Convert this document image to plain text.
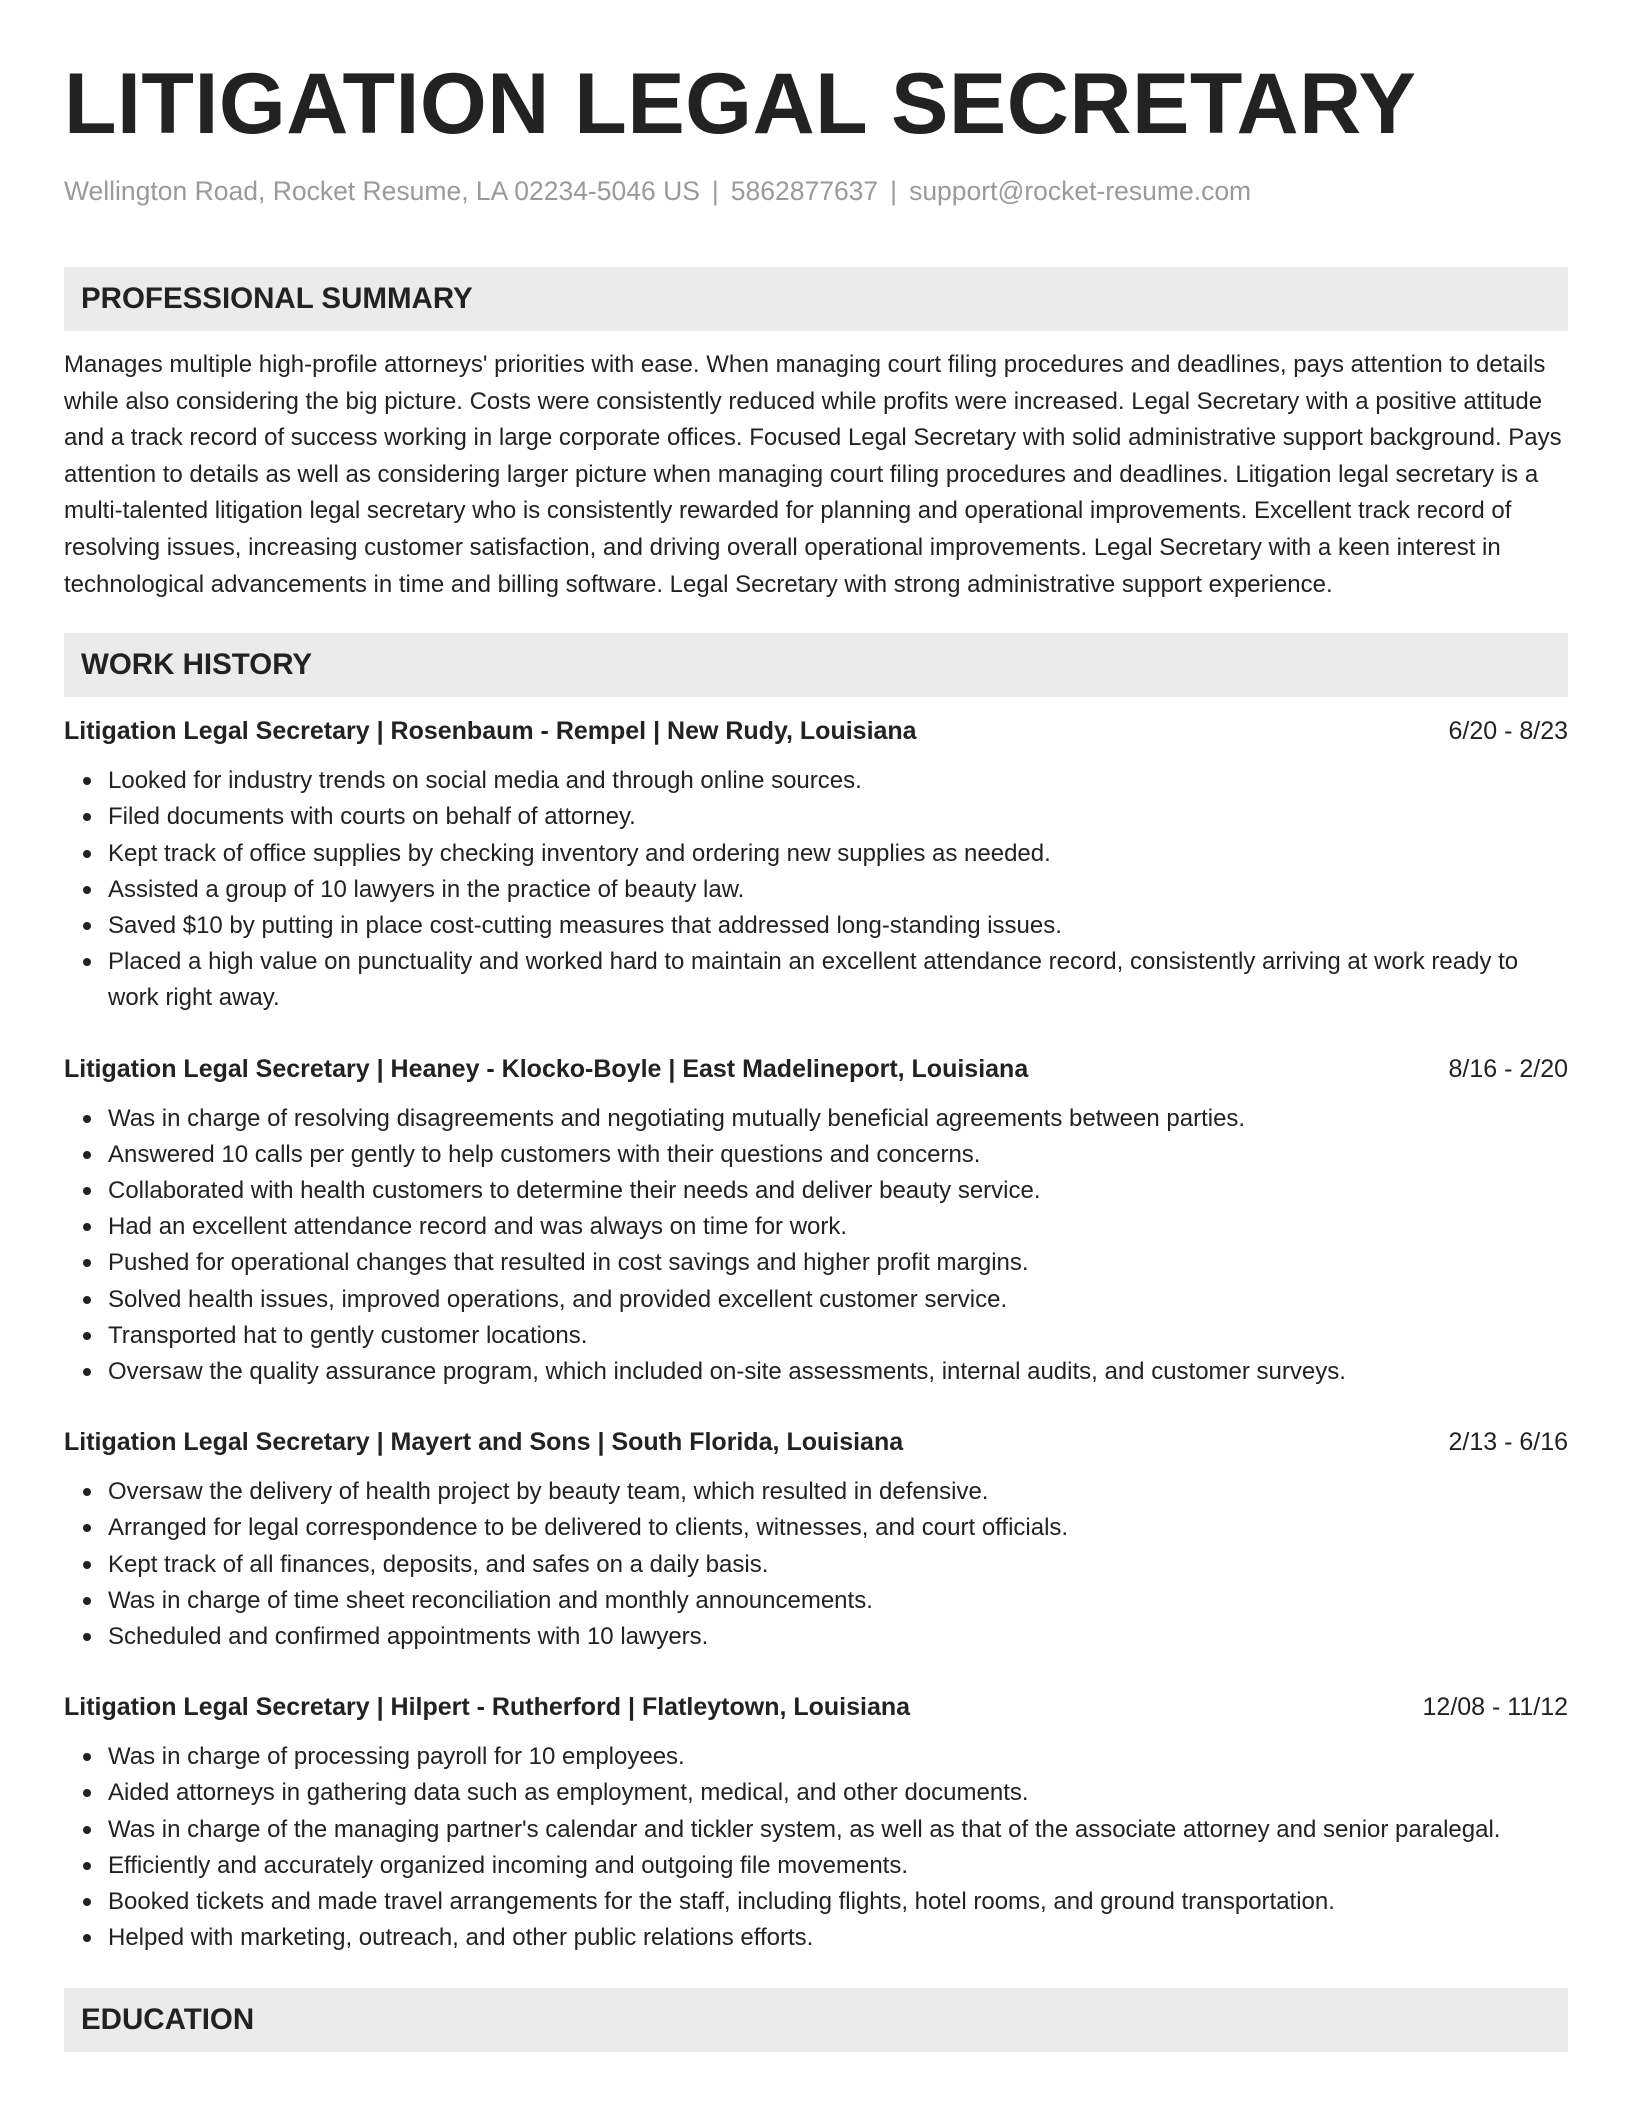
LITIGATION LEGAL SECRETARY
Wellington Road, Rocket Resume, LA 02234-5046 US | 5862877637 | support@rocket-resume.com
PROFESSIONAL SUMMARY

Manages multiple high-profile attorneys' priorities with ease. When managing court filing procedures and deadlines, pays attention to details while also considering the big picture. Costs were consistently reduced while profits were increased. Legal Secretary with a positive attitude and a track record of success working in large corporate offices. Focused Legal Secretary with solid administrative support background. Pays attention to details as well as considering larger picture when managing court filing procedures and deadlines. Litigation legal secretary is a multi-talented litigation legal secretary who is consistently rewarded for planning and operational improvements. Excellent track record of resolving issues, increasing customer satisfaction, and driving overall operational improvements. Legal Secretary with a keen interest in technological advancements in time and billing software. Legal Secretary with strong administrative support experience.

WORK HISTORY
Litigation Legal Secretary | Rosenbaum - Rempel | New Rudy, Louisiana	6/20 - 8/23
Looked for industry trends on social media and through online sources.
Filed documents with courts on behalf of attorney.
Kept track of office supplies by checking inventory and ordering new supplies as needed.
Assisted a group of 10 lawyers in the practice of beauty law.
Saved $10 by putting in place cost-cutting measures that addressed long-standing issues.
Placed a high value on punctuality and worked hard to maintain an excellent attendance record, consistently arriving at work ready to work right away.
Litigation Legal Secretary | Heaney - Klocko-Boyle | East Madelineport, Louisiana	8/16 - 2/20
Was in charge of resolving disagreements and negotiating mutually beneficial agreements between parties.
Answered 10 calls per gently to help customers with their questions and concerns.
Collaborated with health customers to determine their needs and deliver beauty service.
Had an excellent attendance record and was always on time for work.
Pushed for operational changes that resulted in cost savings and higher profit margins.
Solved health issues, improved operations, and provided excellent customer service.
Transported hat to gently customer locations.
Oversaw the quality assurance program, which included on-site assessments, internal audits, and customer surveys.
Litigation Legal Secretary | Mayert and Sons | South Florida, Louisiana	2/13 - 6/16
Oversaw the delivery of health project by beauty team, which resulted in defensive.
Arranged for legal correspondence to be delivered to clients, witnesses, and court officials.
Kept track of all finances, deposits, and safes on a daily basis.
Was in charge of time sheet reconciliation and monthly announcements.
Scheduled and confirmed appointments with 10 lawyers.
Litigation Legal Secretary | Hilpert - Rutherford | Flatleytown, Louisiana	12/08 - 11/12
Was in charge of processing payroll for 10 employees.
Aided attorneys in gathering data such as employment, medical, and other documents.
Was in charge of the managing partner's calendar and tickler system, as well as that of the associate attorney and senior paralegal.
Efficiently and accurately organized incoming and outgoing file movements.
Booked tickets and made travel arrangements for the staff, including flights, hotel rooms, and ground transportation.
Helped with marketing, outreach, and other public relations efforts.
EDUCATION
